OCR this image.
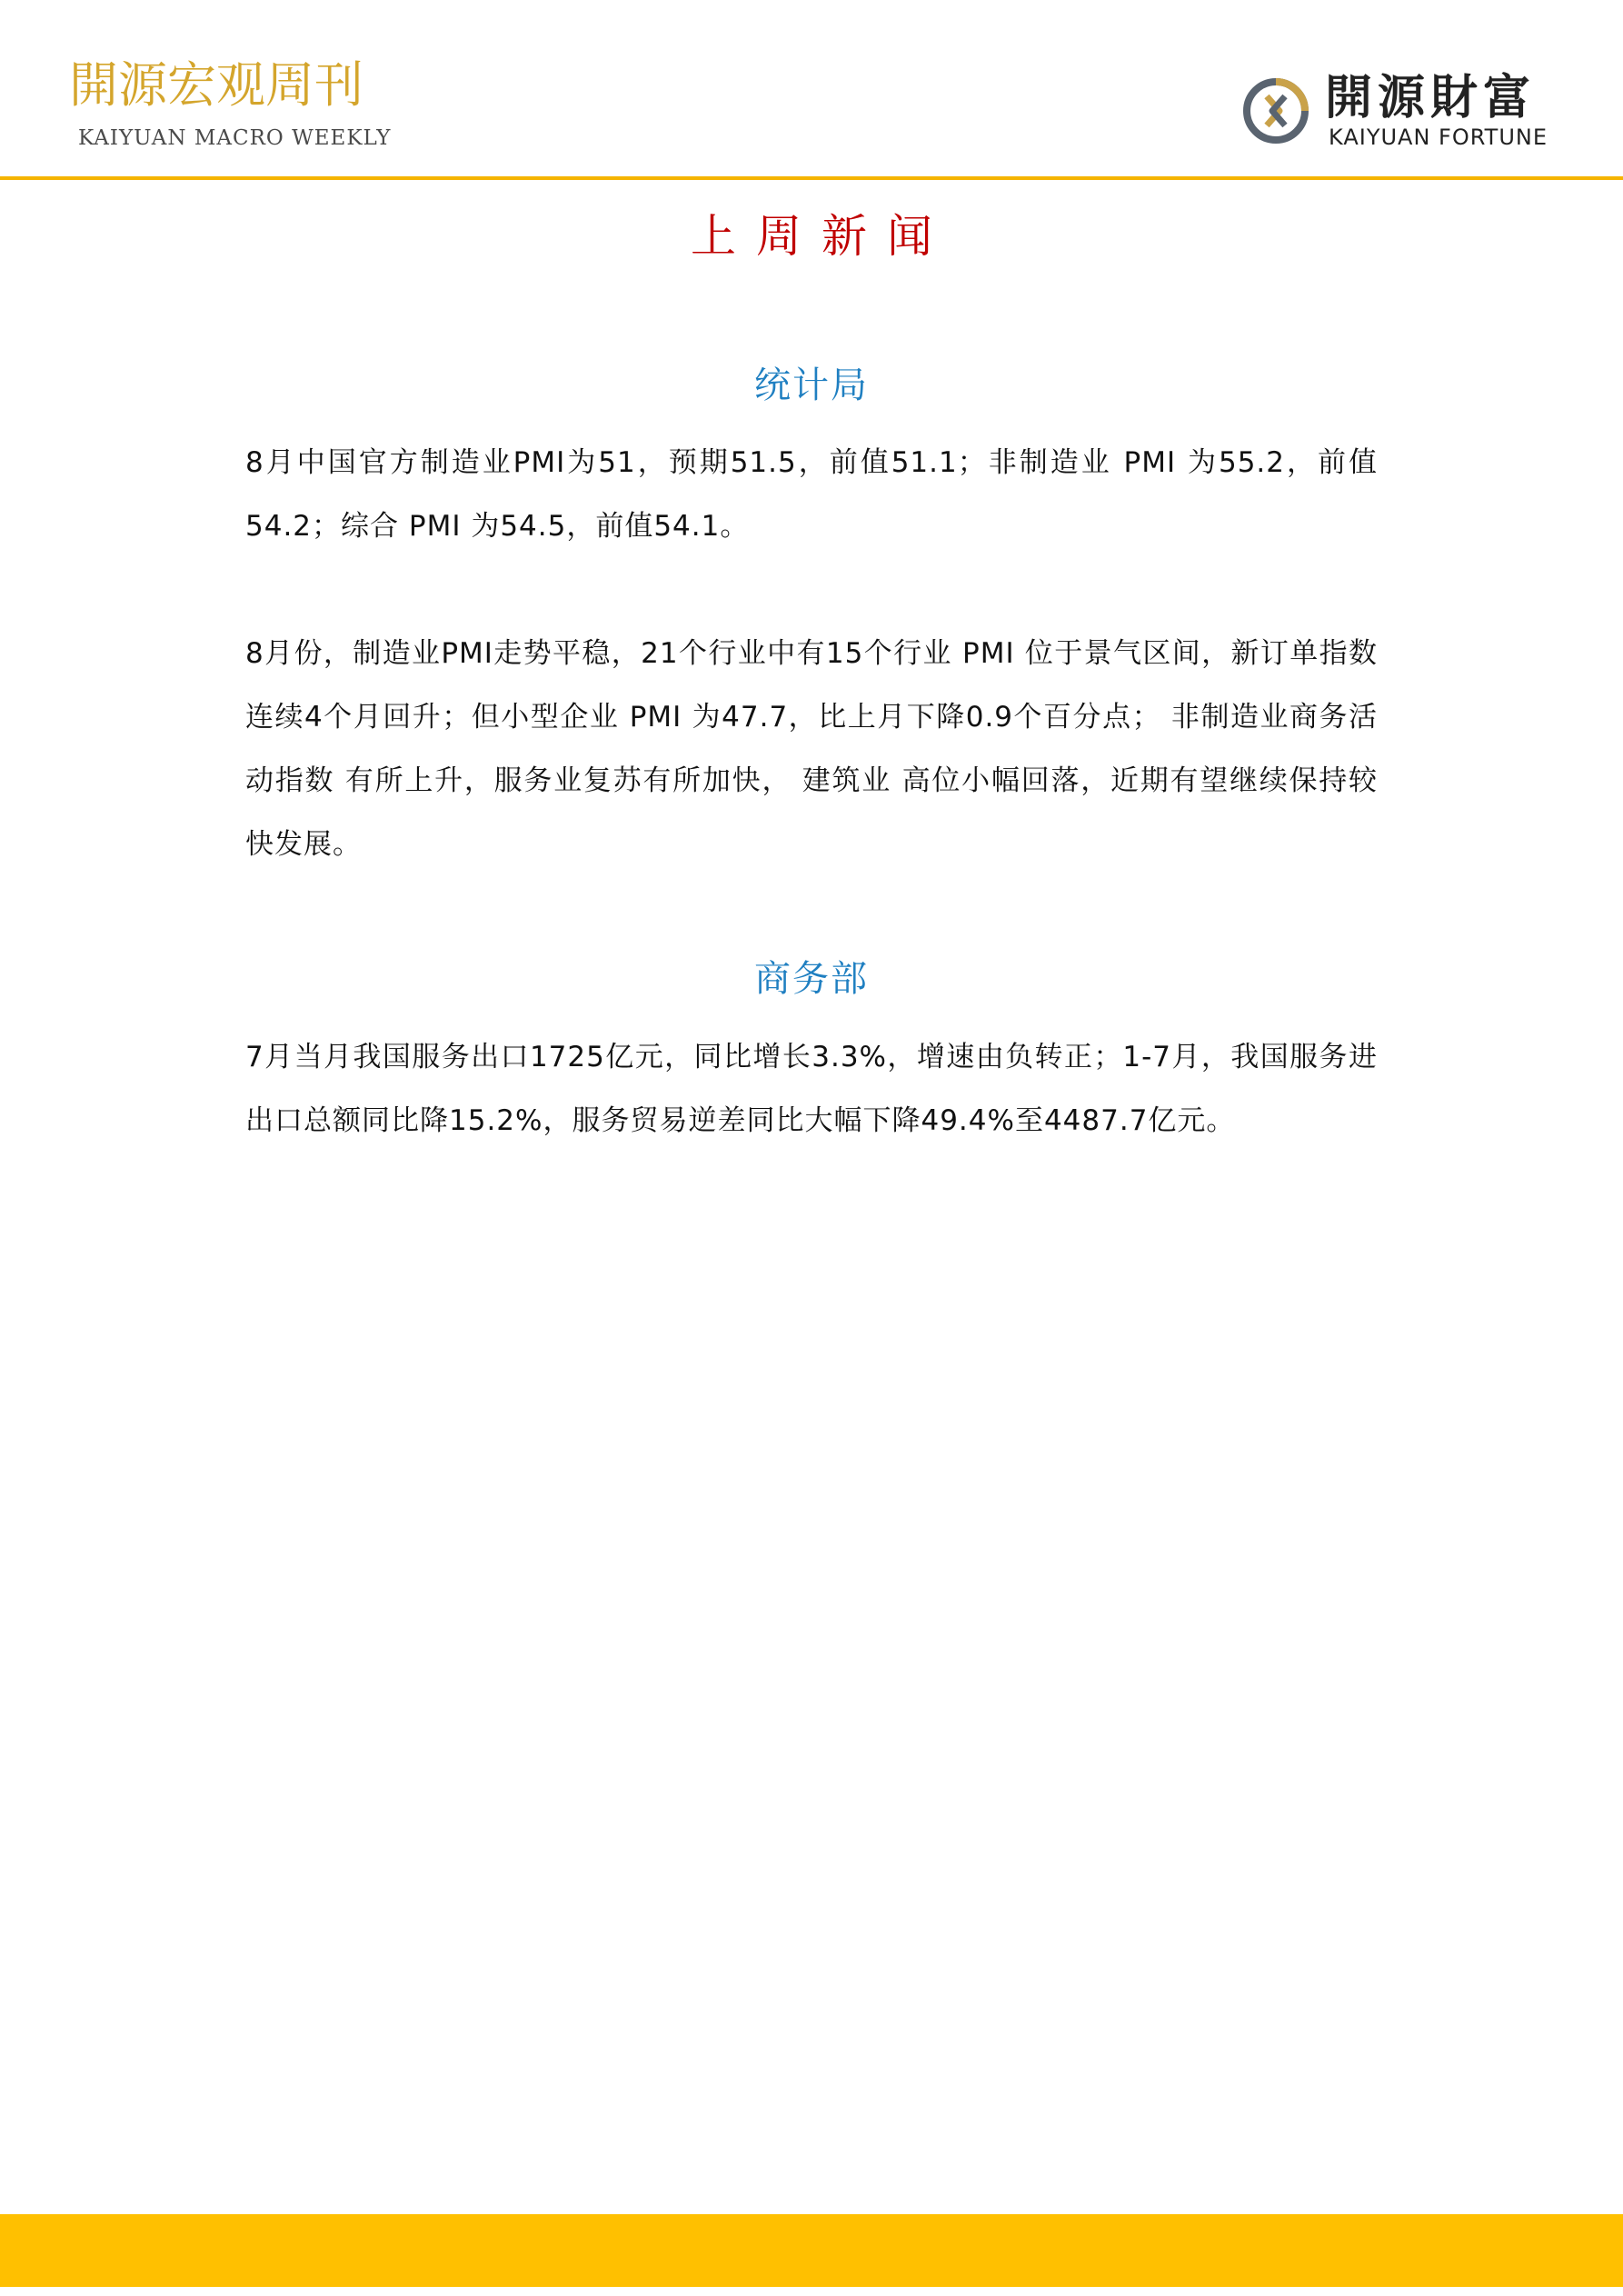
開源宏观周刊
KAIYUAN MACRO WEEKLY
開源財富
KAIYUAN FORTUNE
上周新闻
统计局
8月中国官方制造业PMI为51，预期51.5，前值51.1；非制造业 PMI 为55.2，前值54.2；综合 PMI 为54.5，前值54.1。
8月份，制造业PMI走势平稳，21个行业中有15个行业 PMI 位于景气区间，新订单指数 连续4个月回升；但小型企业 PMI 为47.7，比上月下降0.9个百分点； 非制造业商务活动指数 有所上升，服务业复苏有所加快， 建筑业 高位小幅回落，近期有望继续保持较快发展。
商务部
7月当月我国服务出口1725亿元，同比增长3.3%，增速由负转正；1-7月，我国服务进出口总额同比降15.2%，服务贸易逆差同比大幅下降49.4%至4487.7亿元。
